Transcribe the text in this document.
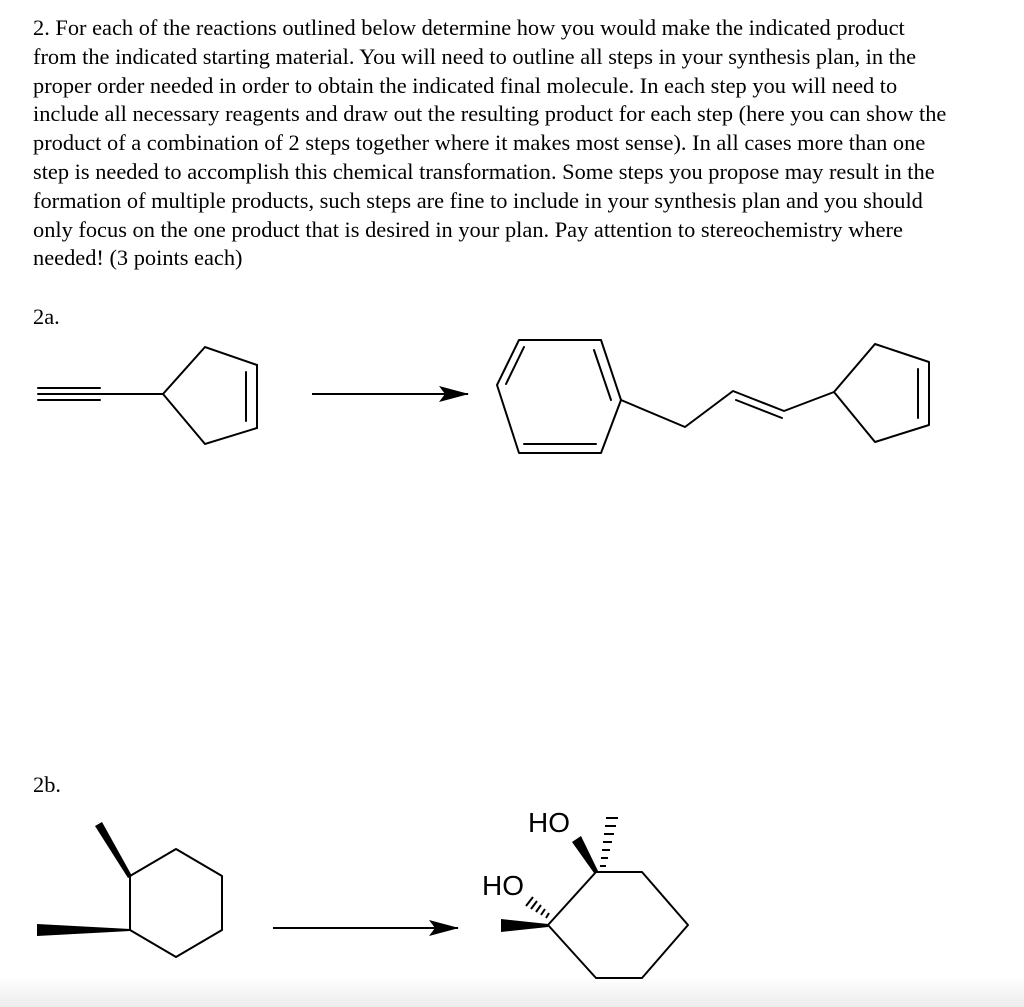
2. For each of the reactions outlined below determine how you would make the indicated product from the indicated starting material. You will need to outline all steps in your synthesis plan, in the proper order needed in order to obtain the indicated final molecule. In each step you will need to include all necessary reagents and draw out the resulting product for each step (here you can show the product of a combination of 2 steps together where it makes most sense). In all cases more than one step is needed to accomplish this chemical transformation. Some steps you propose may result in the formation of multiple products, such steps are fine to include in your synthesis plan and you should only focus on the one product that is desired in your plan. Pay attention to stereochemistry where needed! (3 points each)

2a.

2b.

HO
HO
